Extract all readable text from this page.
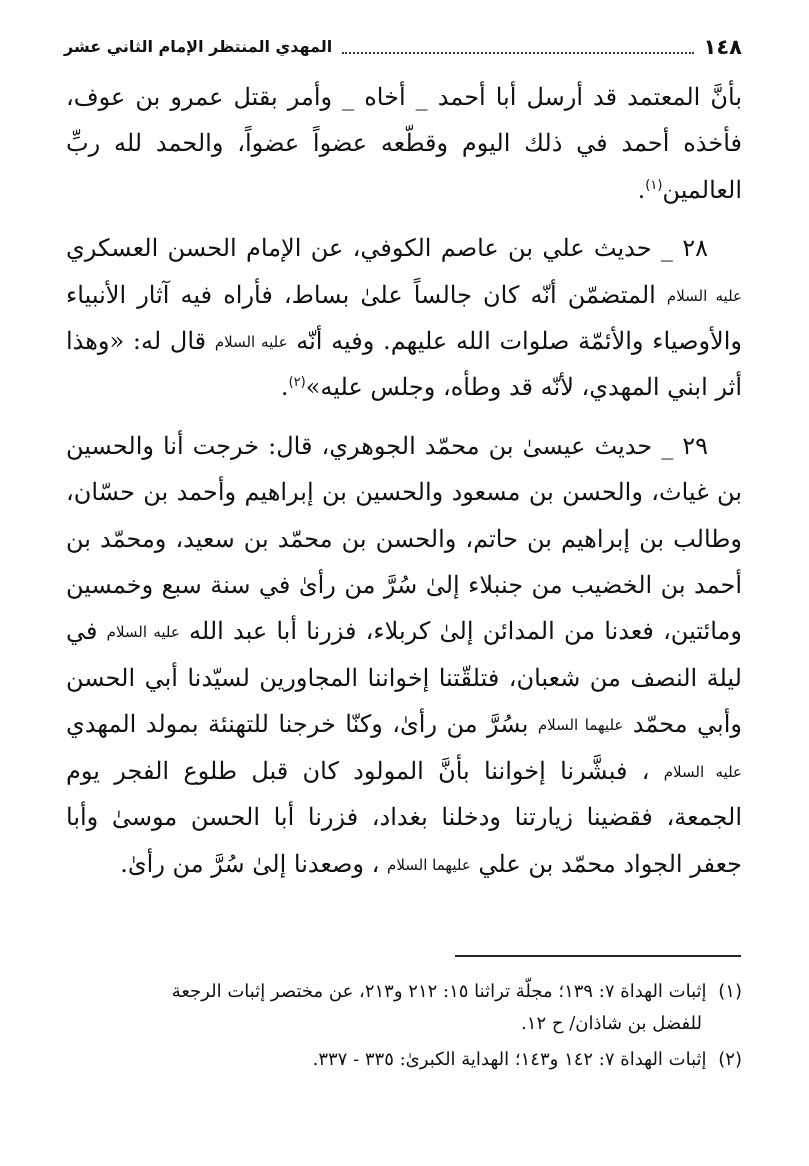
١٤٨
المهدي المنتظر الإمام الثاني عشر

بأنَّ المعتمد قد أرسل أبا أحمد _ أخاه _ وأمر بقتل عمرو بن عوف، فأخذه أحمد في ذلك اليوم وقطّعه عضواً عضواً، والحمد لله ربِّ العالمين$^{(١)}$.

٢٨ _ حديث علي بن عاصم الكوفي، عن الإمام الحسن العسكري عليه السلام المتضمّن أنّه كان جالساً علىٰ بساط، فأراه فيه آثار الأنبياء والأوصياء والأئمّة صلوات الله عليهم. وفيه أنّه عليه السلام قال له: «وهذا أثر ابني المهدي، لأنّه قد وطأه، وجلس عليه»$^{(٢)}$.

٢٩ _ حديث عيسىٰ بن محمّد الجوهري، قال: خرجت أنا والحسين بن غياث، والحسن بن مسعود والحسين بن إبراهيم وأحمد بن حسّان، وطالب بن إبراهيم بن حاتم، والحسن بن محمّد بن سعيد، ومحمّد بن أحمد بن الخضيب من جنبلاء إلىٰ سُرَّ من رأىٰ في سنة سبع وخمسين ومائتين، فعدنا من المدائن إلىٰ كربلاء، فزرنا أبا عبد الله عليه السلام في ليلة النصف من شعبان، فتلقّتنا إخواننا المجاورين لسيّدنا أبي الحسن وأبي محمّد عليهما السلام بسُرَّ من رأىٰ، وكنّا خرجنا للتهنئة بمولد المهدي عليه السلام ، فبشَّرنا إخواننا بأنَّ المولود كان قبل طلوع الفجر يوم الجمعة، فقضينا زيارتنا ودخلنا بغداد، فزرنا أبا الحسن موسىٰ وأبا جعفر الجواد محمّد بن علي عليهما السلام ، وصعدنا إلىٰ سُرَّ من رأىٰ.

(١) إثبات الهداة ٧: ١٣٩؛ مجلّة تراثنا ١٥: ٢١٢ و٢١٣، عن مختصر إثبات الرجعة
للفضل بن شاذان/ ح ١٢.

(٢) إثبات الهداة ٧: ١٤٢ و١٤٣؛ الهداية الكبرىٰ: ٣٣٥ - ٣٣٧.
